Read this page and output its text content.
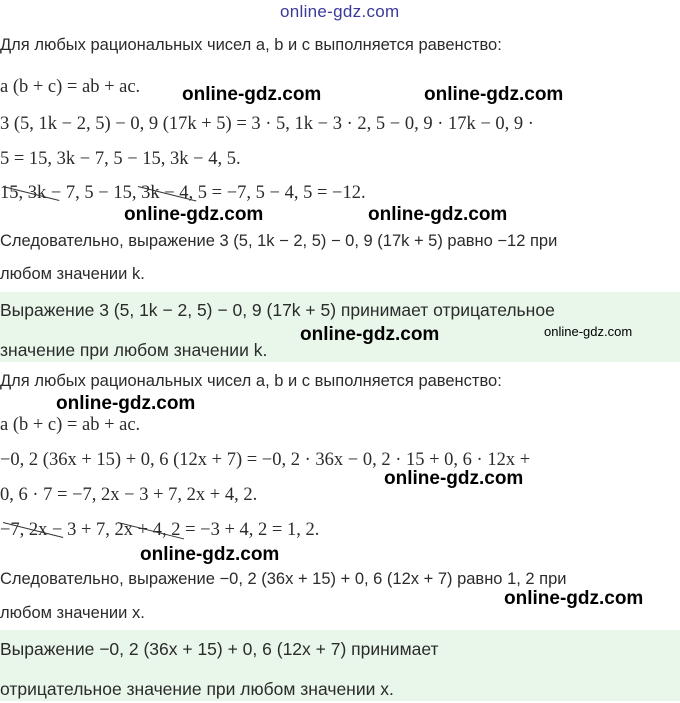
online-gdz.com
Для любых рациональных чисел a, b и c выполняется равенство:
a (b + c) = ab + ac.
3 (5, 1k − 2, 5) − 0, 9 (17k + 5) = 3 · 5, 1k − 3 · 2, 5 − 0, 9 · 17k − 0, 9 ·
5 = 15, 3k − 7, 5 − 15, 3k − 4, 5.
15, 3k − 7, 5 − 15, 3k − 4, 5 = −7, 5 − 4, 5 = −12.
Следовательно, выражение 3 (5, 1k − 2, 5) − 0, 9 (17k + 5) равно −12 при
любом значении k.
Выражение 3 (5, 1k − 2, 5) − 0, 9 (17k + 5) принимает отрицательное
значение при любом значении k.
Для любых рациональных чисел a, b и c выполняется равенство:
a (b + c) = ab + ac.
−0, 2 (36x + 15) + 0, 6 (12x + 7) = −0, 2 · 36x − 0, 2 · 15 + 0, 6 · 12x +
0, 6 · 7 = −7, 2x − 3 + 7, 2x + 4, 2.
−7, 2x − 3 + 7, 2x + 4, 2 = −3 + 4, 2 = 1, 2.
Следовательно, выражение −0, 2 (36x + 15) + 0, 6 (12x + 7) равно 1, 2 при
любом значении x.
Выражение −0, 2 (36x + 15) + 0, 6 (12x + 7) принимает
отрицательное значение при любом значении x.
online-gdz.com	online-gdz.com
online-gdz.com	online-gdz.com
online-gdz.com	online-gdz.com
online-gdz.com
online-gdz.com
online-gdz.com
online-gdz.com
